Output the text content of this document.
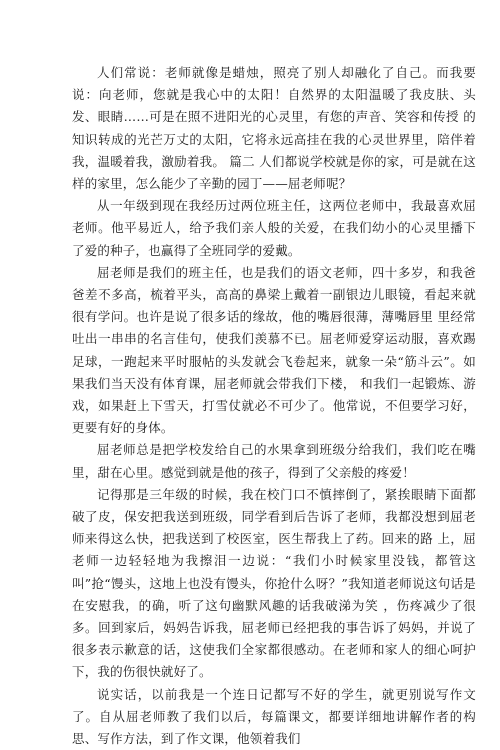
人们常说：老师就像是蜡烛，照亮了别人却融化了自己。而我要说：向老师，您就是我心中的太阳！自然界的太阳温暖了我皮肤、头发、眼睛……可是在照不进阳光的心灵里，有您的声音、笑容和传授 的知识转成的光芒万丈的太阳，它将永远高挂在我的心灵世界里，陪伴着我，温暖着我，激励着我。 篇二 人们都说学校就是你的家，可是就在这样的家里，怎么能少了辛勤的园丁——屈老师呢？

从一年级到现在我经历过两位班主任，这两位老师中，我最喜欢屈老师。他平易近人，给予我们亲人般的关爱，在我们幼小的心灵里播下了爱的种子，也赢得了全班同学的爱戴。

屈老师是我们的班主任，也是我们的语文老师，四十多岁，和我爸爸差不多高，梳着平头，高高的鼻梁上戴着一副银边儿眼镜，看起来就很有学问。也许是说了很多话的缘故，他的嘴唇很薄，薄嘴唇里 里经常吐出一串串的名言佳句，使我们羡慕不已。屈老师爱穿运动服，喜欢踢足球，一跑起来平时服帖的头发就会飞卷起来，就象一朵“筋斗云”。如果我们当天没有体育课，屈老师就会带我们下楼， 和我们一起锻炼、游戏，如果赶上下雪天，打雪仗就必不可少了。他常说，不但要学习好，更要有好的身体。

屈老师总是把学校发给自己的水果拿到班级分给我们，我们吃在嘴里，甜在心里。感觉到就是他的孩子，得到了父亲般的疼爱！

记得那是三年级的时候，我在校门口不慎摔倒了，紧挨眼睛下面都破了皮，保安把我送到班级，同学看到后告诉了老师，我都没想到屈老师来得这么快，把我送到了校医室，医生帮我上了药。回来的路 上，屈老师一边轻轻地为我擦泪一边说：“我们小时候家里没钱，都管这叫”抢“馒头，这地上也没有馒头，你抢什么呀？”我知道老师说这句话是在安慰我，的确，听了这句幽默风趣的话我破涕为笑 ，伤疼减少了很多。回到家后，妈妈告诉我，屈老师已经把我的事告诉了妈妈，并说了很多表示歉意的话，这使我们全家都很感动。在老师和家人的细心呵护下，我的伤很快就好了。

说实话，以前我是一个连日记都写不好的学生，就更别说写作文了。自从屈老师教了我们以后，每篇课文，都要详细地讲解作者的构思、写作方法，到了作文课，他领着我们
